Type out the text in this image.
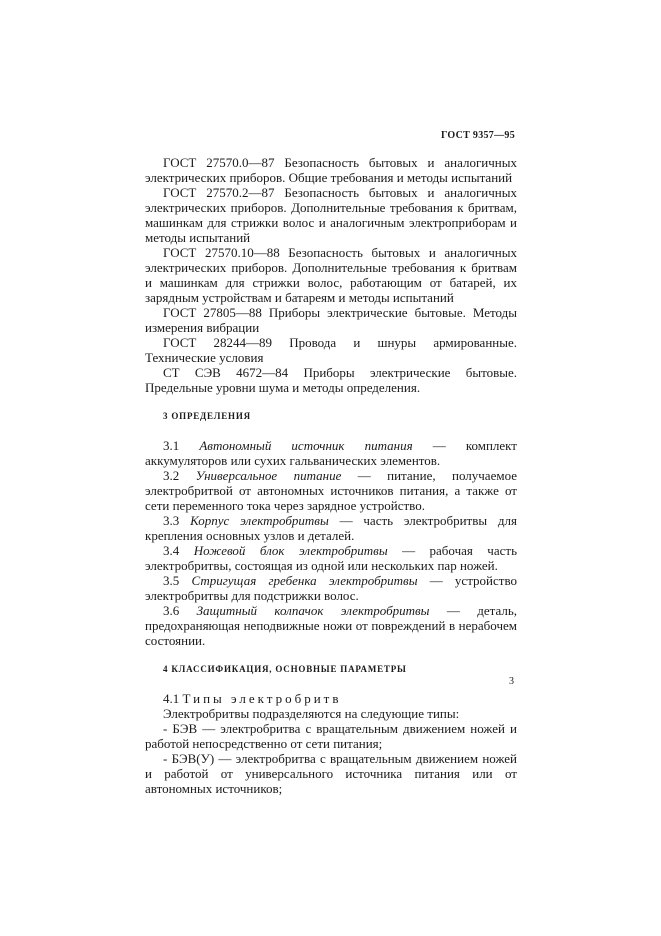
ГОСТ 9357—95

ГОСТ 27570.0—87 Безопасность бытовых и аналогичных электрических приборов. Общие требования и методы испытаний

ГОСТ 27570.2—87 Безопасность бытовых и аналогичных электрических приборов. Дополнительные требования к бритвам, машинкам для стрижки волос и аналогичным электроприборам и методы испытаний

ГОСТ 27570.10—88 Безопасность бытовых и аналогичных электрических приборов. Дополнительные требования к бритвам и машинкам для стрижки волос, работающим от батарей, их зарядным устройствам и батареям и методы испытаний

ГОСТ 27805—88 Приборы электрические бытовые. Методы измерения вибрации

ГОСТ 28244—89 Провода и шнуры армированные. Технические условия

СТ СЭВ 4672—84 Приборы электрические бытовые. Предельные уровни шума и методы определения.

3 ОПРЕДЕЛЕНИЯ

3.1 Автономный источник питания — комплект аккумуляторов или сухих гальванических элементов.

3.2 Универсальное питание — питание, получаемое электробритвой от автономных источников питания, а также от сети переменного тока через зарядное устройство.

3.3 Корпус электробритвы — часть электробритвы для крепления основных узлов и деталей.

3.4 Ножевой блок электробритвы — рабочая часть электробритвы, состоящая из одной или нескольких пар ножей.

3.5 Стригущая гребенка электробритвы — устройство электробритвы для подстрижки волос.

3.6 Защитный колпачок электробритвы — деталь, предохраняющая неподвижные ножи от повреждений в нерабочем состоянии.

4 КЛАССИФИКАЦИЯ, ОСНОВНЫЕ ПАРАМЕТРЫ

4.1 Типы электробритв

Электробритвы подразделяются на следующие типы:

- БЭВ — электробритва с вращательным движением ножей и работой непосредственно от сети питания;

- БЭВ(У) — электробритва с вращательным движением ножей и работой от универсального источника питания или от автономных источников;

3
